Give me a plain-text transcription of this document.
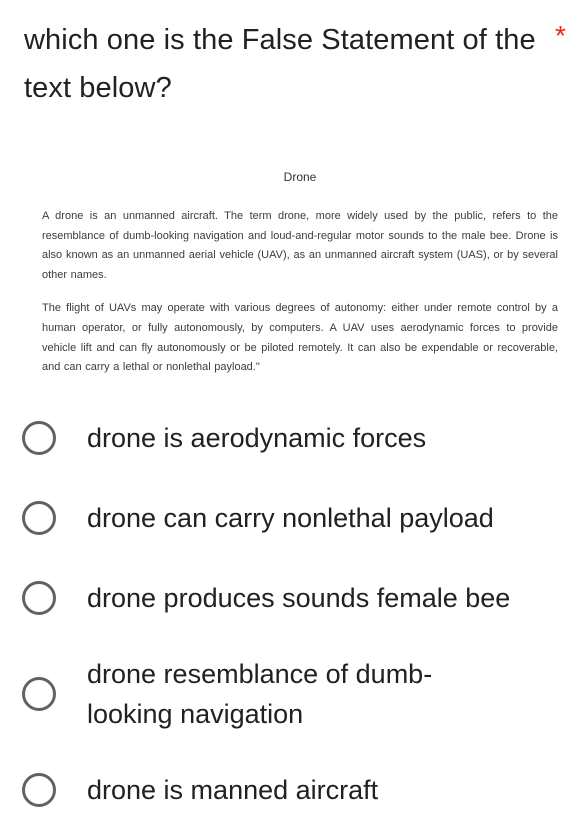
which one is the False Statement of the text below?
*
Drone

A drone is an unmanned aircraft. The term drone, more widely used by the public, refers to the resemblance of dumb-looking navigation and loud-and-regular motor sounds to the male bee. Drone is also known as an unmanned aerial vehicle (UAV), as an unmanned aircraft system (UAS), or by several other names.

The flight of UAVs may operate with various degrees of autonomy: either under remote control by a human operator, or fully autonomously, by computers. A UAV uses aerodynamic forces to provide vehicle lift and can fly autonomously or be piloted remotely. It can also be expendable or recoverable, and can carry a lethal or nonlethal payload."

drone is aerodynamic forces
drone can carry nonlethal payload
drone produces sounds female bee
drone resemblance of dumb-looking navigation
drone is manned aircraft
